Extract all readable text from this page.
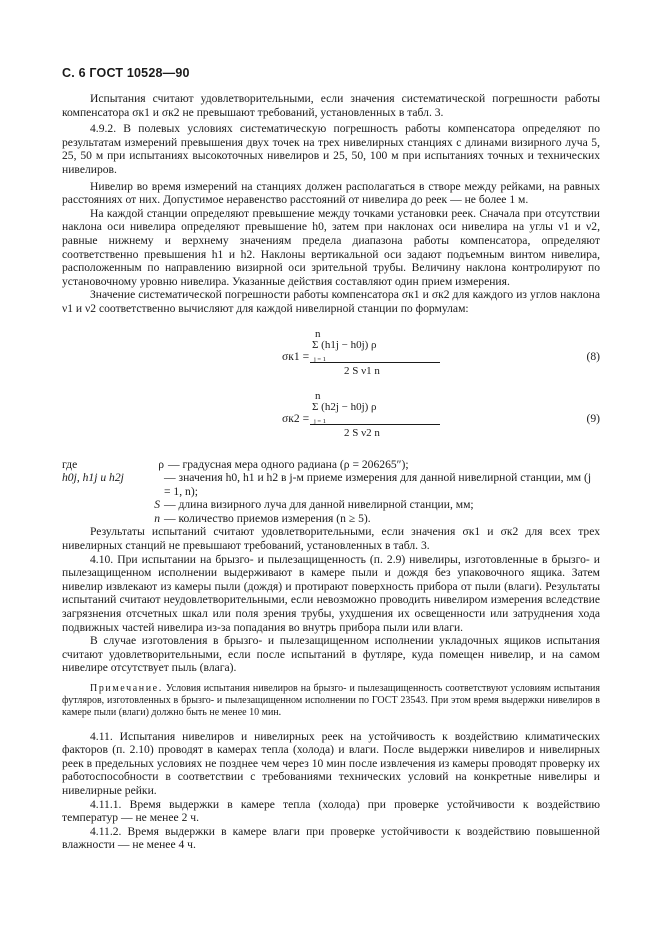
С. 6 ГОСТ 10528—90

Испытания считают удовлетворительными, если значения систематической погрешности работы компенсатора σк1 и σк2 не превышают требований, установленных в табл. 3.

4.9.2. В полевых условиях систематическую погрешность работы компенсатора определяют по результатам измерений превышения двух точек на трех нивелирных станциях с длинами визирного луча 5, 25, 50 м при испытаниях высокоточных нивелиров и 25, 50, 100 м при испытаниях точных и технических нивелиров.

Нивелир во время измерений на станциях должен располагаться в створе между рейками, на равных расстояниях от них. Допустимое неравенство расстояний от нивелира до реек — не более 1 м.

На каждой станции определяют превышение между точками установки реек. Сначала при отсутствии наклона оси нивелира определяют превышение h0, затем при наклонах оси нивелира на углы ν1 и ν2, равные нижнему и верхнему значениям предела диапазона работы компенсатора, определяют соответственно превышения h1 и h2. Наклоны вертикальной оси задают подъемным винтом нивелира, расположенным по направлению визирной оси зрительной трубы. Величину наклона контролируют по установочному уровню нивелира. Указанные действия составляют один прием измерения.

Значение систематической погрешности работы компенсатора σк1 и σк2 для каждого из углов наклона ν1 и ν2 соответственно вычисляют для каждой нивелирной станции по формулам:

n
Σ (h1j − h0j) ρ
j = 1
σк1 =
2 S ν1 n
(8)
n
Σ (h2j − h0j) ρ
j = 1
σк2 =
2 S ν2 n
(9)
где	ρ — градусная мера одного радиана (ρ = 206265″);
h0j, h1j и h2j	— значения h0, h1 и h2 в j-м приеме измерения для данной нивелирной станции, мм (j = 1, n);
S — длина визирного луча для данной нивелирной станции, мм;
n — количество приемов измерения (n ≥ 5).

Результаты испытаний считают удовлетворительными, если значения σк1 и σк2 для всех трех нивелирных станций не превышают требований, установленных в табл. 3.

4.10. При испытании на брызго- и пылезащищенность (п. 2.9) нивелиры, изготовленные в брызго- и пылезащищенном исполнении выдерживают в камере пыли и дождя без упаковочного ящика. Затем нивелир извлекают из камеры пыли (дождя) и протирают поверхность прибора от пыли (влаги). Результаты испытаний считают неудовлетворительными, если невозможно проводить нивелиром измерения вследствие загрязнения отсчетных шкал или поля зрения трубы, ухудшения их освещенности или затруднения хода подвижных частей нивелира из-за попадания во внутрь прибора пыли или влаги.

В случае изготовления в брызго- и пылезащищенном исполнении укладочных ящиков испытания считают удовлетворительными, если после испытаний в футляре, куда помещен нивелир, и на самом нивелире отсутствует пыль (влага).

Примечание. Условия испытания нивелиров на брызго- и пылезащищенность соответствуют условиям испытания футляров, изготовленных в брызго- и пылезащищенном исполнении по ГОСТ 23543. При этом время выдержки нивелиров в камере пыли (влаги) должно быть не менее 10 мин.

4.11. Испытания нивелиров и нивелирных реек на устойчивость к воздействию климатических факторов (п. 2.10) проводят в камерах тепла (холода) и влаги. После выдержки нивелиров и нивелирных реек в предельных условиях не позднее чем через 10 мин после извлечения из камеры проводят проверку их работоспособности в соответствии с требованиями технических условий на конкретные нивелиры и нивелирные рейки.

4.11.1. Время выдержки в камере тепла (холода) при проверке устойчивости к воздействию температур — не менее 2 ч.

4.11.2. Время выдержки в камере влаги при проверке устойчивости к воздействию повышенной влажности — не менее 4 ч.
